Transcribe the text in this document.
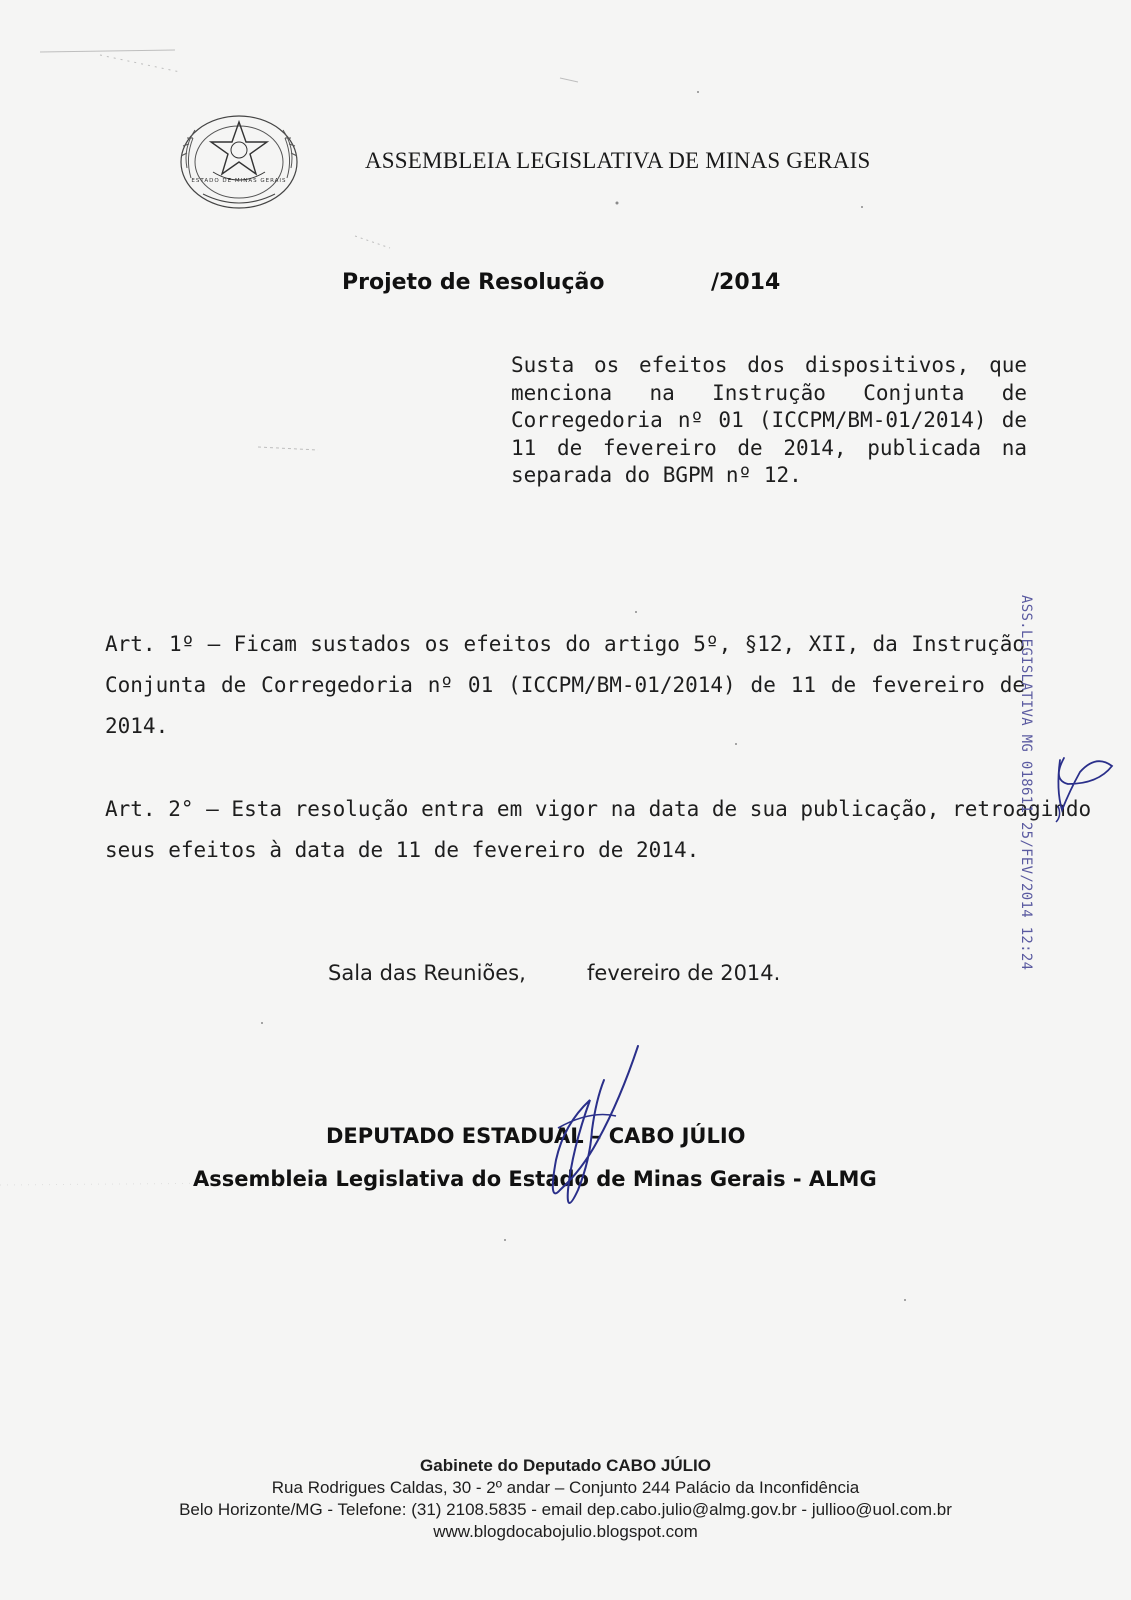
ESTADO DE MINAS GERAIS
ASSEMBLEIA LEGISLATIVA DE MINAS GERAIS
Projeto de Resolução	/2014
Susta os efeitos dos dispositivos, que
menciona na Instrução Conjunta de
Corregedoria nº 01 (ICCPM/BM-01/2014) de
11 de fevereiro de 2014, publicada na
separada do BGPM nº 12.
Art. 1º – Ficam sustados os efeitos do artigo 5º, §12, XII, da Instrução
Conjunta de Corregedoria nº 01 (ICCPM/BM-01/2014) de 11 de fevereiro de
2014.
Art. 2° – Esta resolução entra em vigor na data de sua publicação, retroagindo
seus efeitos à data de 11 de fevereiro de 2014.
Sala das Reuniões,	fevereiro de 2014.
DEPUTADO ESTADUAL – CABO JÚLIO
Assembleia Legislativa do Estado de Minas Gerais - ALMG
ASS.LEGISLATIVA MG 018611 25/FEV/2014 12:24
Gabinete do Deputado CABO JÚLIO
Rua Rodrigues Caldas, 30 - 2º andar – Conjunto 244 Palácio da Inconfidência
Belo Horizonte/MG - Telefone: (31) 2108.5835 - email dep.cabo.julio@almg.gov.br - jullioo@uol.com.br
www.blogdocabojulio.blogspot.com
